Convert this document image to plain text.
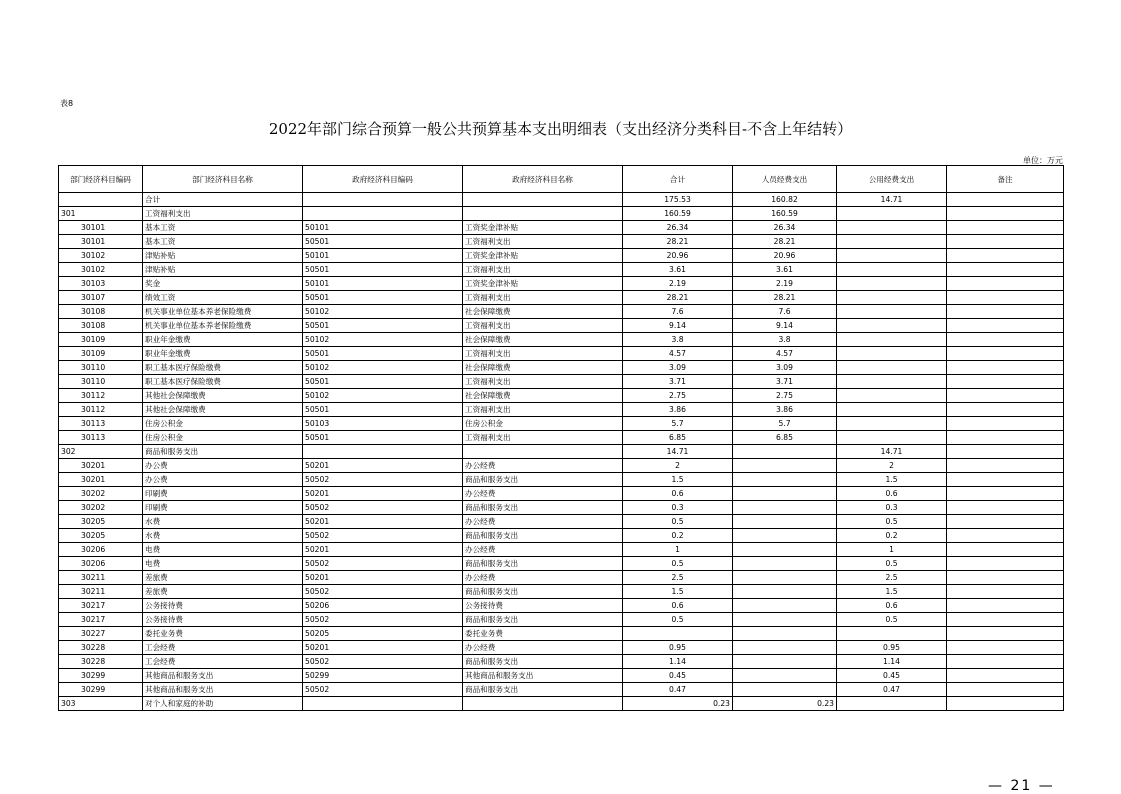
表8
2022年部门综合预算一般公共预算基本支出明细表（支出经济分类科目-不含上年结转）
单位：万元
部门经济科目编码	部门经济科目名称	政府经济科目编码	政府经济科目名称	合计	人员经费支出	公用经费支出	备注
	合计			175.53	160.82	14.71	
301	工资福利支出			160.59	160.59		
30101	基本工资	50101	工资奖金津补贴	26.34	26.34		
30101	基本工资	50501	工资福利支出	28.21	28.21		
30102	津贴补贴	50101	工资奖金津补贴	20.96	20.96		
30102	津贴补贴	50501	工资福利支出	3.61	3.61		
30103	奖金	50101	工资奖金津补贴	2.19	2.19		
30107	绩效工资	50501	工资福利支出	28.21	28.21		
30108	机关事业单位基本养老保险缴费	50102	社会保障缴费	7.6	7.6		
30108	机关事业单位基本养老保险缴费	50501	工资福利支出	9.14	9.14		
30109	职业年金缴费	50102	社会保障缴费	3.8	3.8		
30109	职业年金缴费	50501	工资福利支出	4.57	4.57		
30110	职工基本医疗保险缴费	50102	社会保障缴费	3.09	3.09		
30110	职工基本医疗保险缴费	50501	工资福利支出	3.71	3.71		
30112	其他社会保障缴费	50102	社会保障缴费	2.75	2.75		
30112	其他社会保障缴费	50501	工资福利支出	3.86	3.86		
30113	住房公积金	50103	住房公积金	5.7	5.7		
30113	住房公积金	50501	工资福利支出	6.85	6.85		
302	商品和服务支出			14.71		14.71	
30201	办公费	50201	办公经费	2		2	
30201	办公费	50502	商品和服务支出	1.5		1.5	
30202	印刷费	50201	办公经费	0.6		0.6	
30202	印刷费	50502	商品和服务支出	0.3		0.3	
30205	水费	50201	办公经费	0.5		0.5	
30205	水费	50502	商品和服务支出	0.2		0.2	
30206	电费	50201	办公经费	1		1	
30206	电费	50502	商品和服务支出	0.5		0.5	
30211	差旅费	50201	办公经费	2.5		2.5	
30211	差旅费	50502	商品和服务支出	1.5		1.5	
30217	公务接待费	50206	公务接待费	0.6		0.6	
30217	公务接待费	50502	商品和服务支出	0.5		0.5	
30227	委托业务费	50205	委托业务费				
30228	工会经费	50201	办公经费	0.95		0.95	
30228	工会经费	50502	商品和服务支出	1.14		1.14	
30299	其他商品和服务支出	50299	其他商品和服务支出	0.45		0.45	
30299	其他商品和服务支出	50502	商品和服务支出	0.47		0.47	
303	对个人和家庭的补助			0.23	0.23		
— 21 —
